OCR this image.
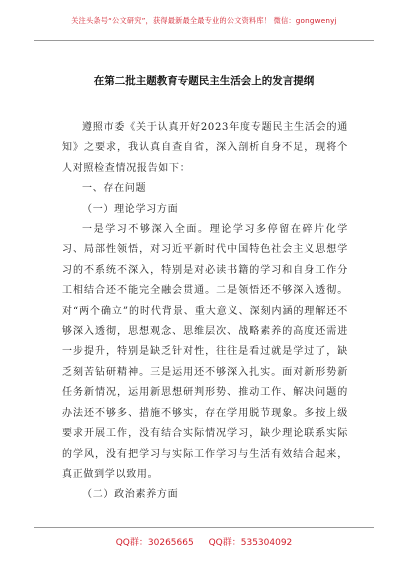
关注头条号“公文研究”，获得最新最全最专业的公文资料库！ 微信：gongwenyj
在第二批主题教育专题民主生活会上的发言提纲

遵照市委《关于认真开好2023年度专题民主生活会的通知》之要求，我认真自查自省，深入剖析自身不足，现将个人对照检查情况报告如下：

一、存在问题

（一）理论学习方面

一是学习不够深入全面。理论学习多停留在碎片化学习、局部性领悟，对习近平新时代中国特色社会主义思想学习的不系统不深入，特别是对必读书籍的学习和自身工作分工相结合还不能完全融会贯通。二是领悟还不够深入透彻。对“两个确立”的时代背景、重大意义、深刻内涵的理解还不够深入透彻，思想观念、思维层次、战略素养的高度还需进一步提升，特别是缺乏针对性，往往是看过就是学过了，缺乏刻苦钻研精神。三是运用还不够深入扎实。面对新形势新任务新情况，运用新思想研判形势、推动工作、解决问题的办法还不够多、措施不够实，存在学用脱节现象。多按上级要求开展工作，没有结合实际情况学习，缺少理论联系实际的学风，没有把学习与实际工作学习与生活有效结合起来，真正做到学以致用。

（二）政治素养方面

QQ群：30265665 QQ群：535304092
